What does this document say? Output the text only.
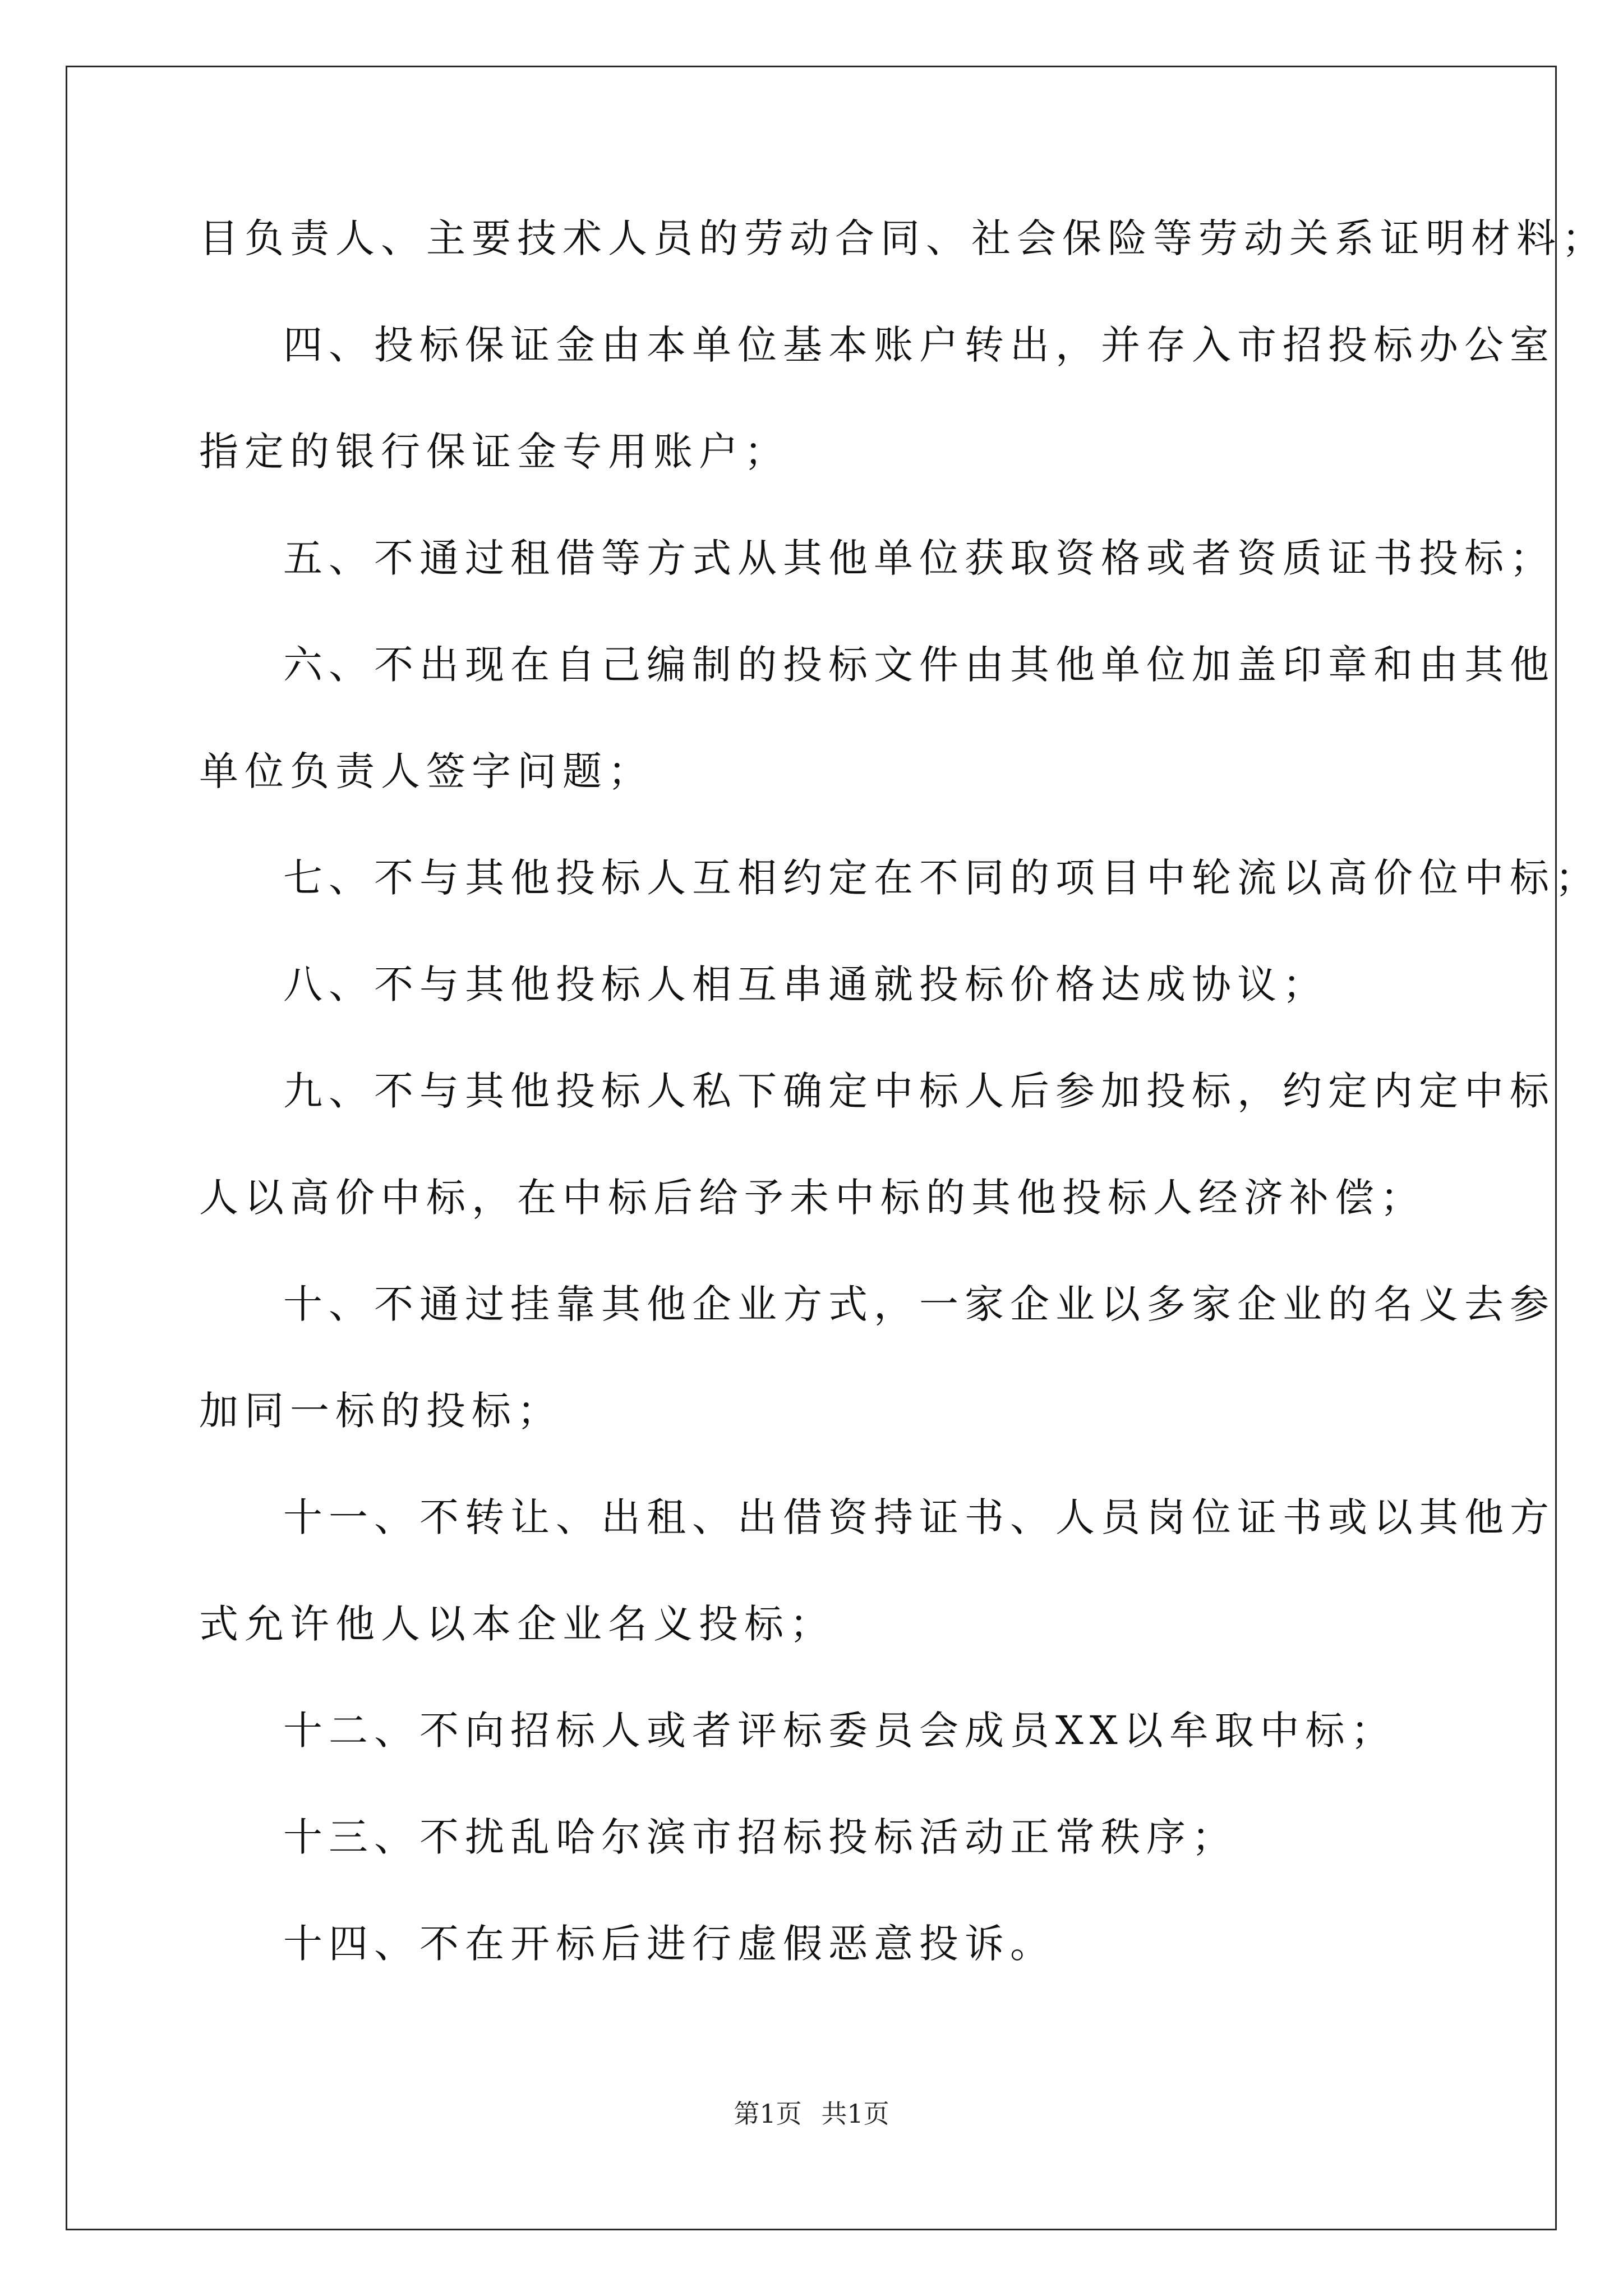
目负责人、主要技术人员的劳动合同、社会保险等劳动关系证明材料；
四、投标保证金由本单位基本账户转出，并存入市招投标办公室
指定的银行保证金专用账户；
五、不通过租借等方式从其他单位获取资格或者资质证书投标；
六、不出现在自己编制的投标文件由其他单位加盖印章和由其他
单位负责人签字问题；
七、不与其他投标人互相约定在不同的项目中轮流以高价位中标；
八、不与其他投标人相互串通就投标价格达成协议；
九、不与其他投标人私下确定中标人后参加投标，约定内定中标
人以高价中标，在中标后给予未中标的其他投标人经济补偿；
十、不通过挂靠其他企业方式，一家企业以多家企业的名义去参
加同一标的投标；
十一、不转让、出租、出借资持证书、人员岗位证书或以其他方
式允许他人以本企业名义投标；
十二、不向招标人或者评标委员会成员XX以牟取中标；
十三、不扰乱哈尔滨市招标投标活动正常秩序；
十四、不在开标后进行虚假恶意投诉。
第1页 共1页
